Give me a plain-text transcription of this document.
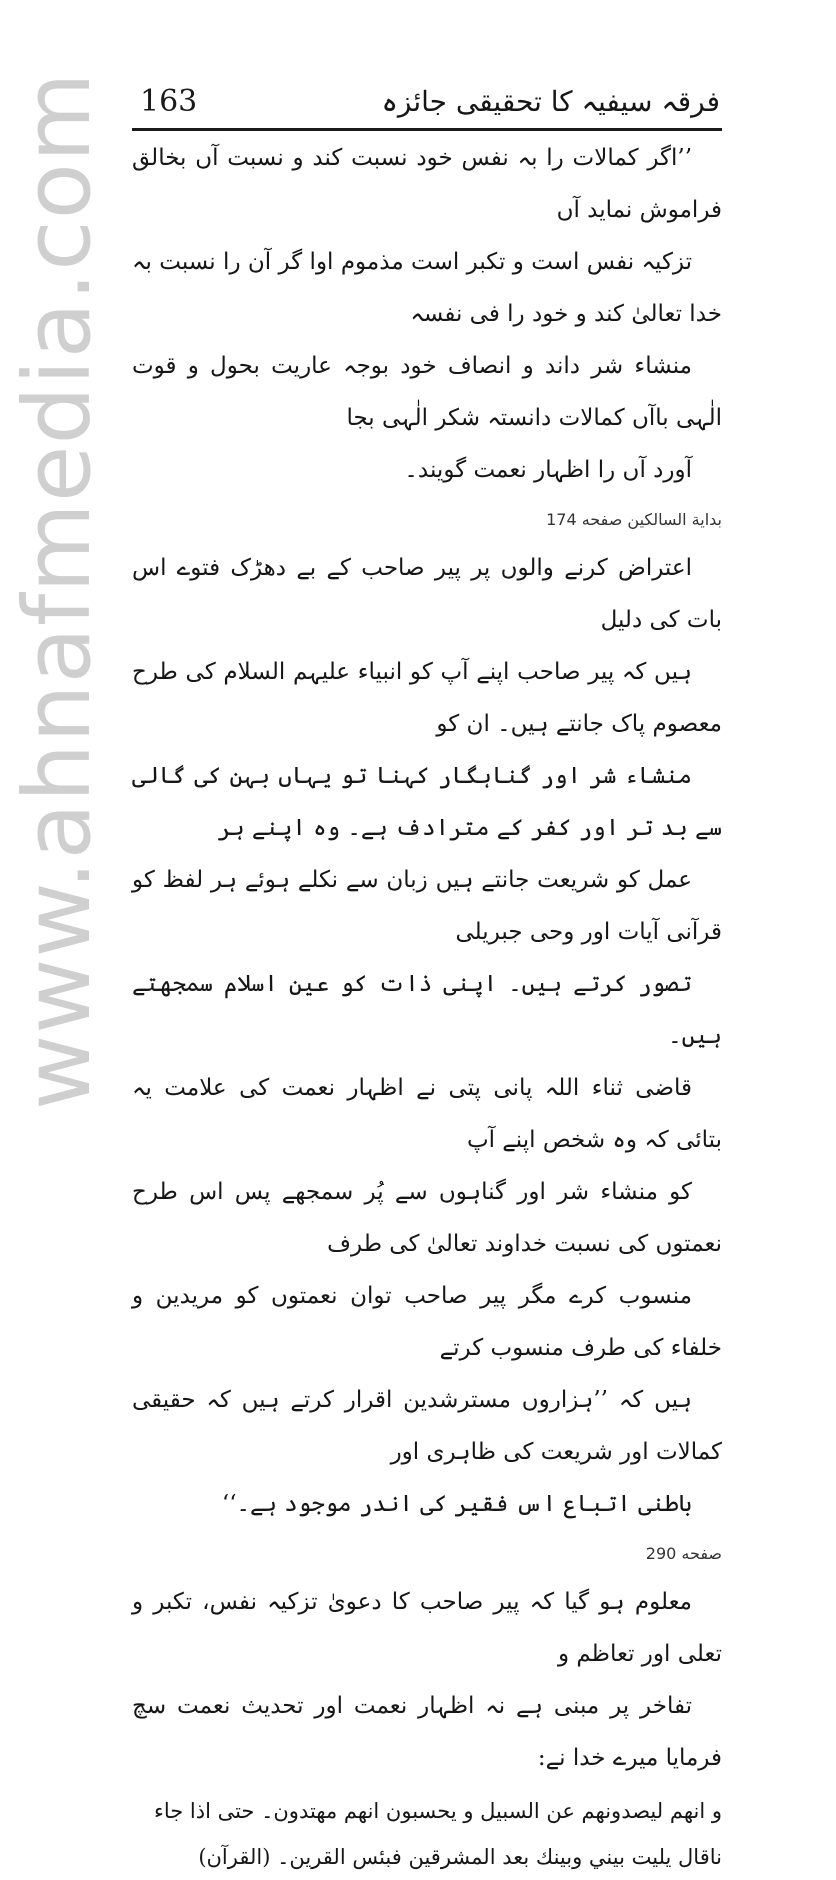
www.ahnafmedia.com 163	فرقہ سیفیہ کا تحقیقی جائزہ
’’اگر کمالات را بہ نفس خود نسبت کند و نسبت آں بخالق فراموش نماید آں
تزکیہ نفس است و تکبر است مذموم اوا گر آن را نسبت بہ خدا تعالیٰ کند و خود را فی نفسہ
منشاء شر داند و انصاف خود بوجہ عاریت بحول و قوت الٰہی باآں کمالات دانستہ شکر الٰہی بجا
آورد آں را اظہار نعمت گویند۔
بداية السالكين صفحه 174
اعتراض کرنے والوں پر پیر صاحب کے بے دھڑک فتوے اس بات کی دلیل
ہیں کہ پیر صاحب اپنے آپ کو انبیاء علیہم السلام کی طرح معصوم پاک جانتے ہیں۔ ان کو
منشاء شر اور گناہگار کہنا تو یہاں بہن کی گالی سے بد تر اور کفر کے مترادف ہے۔ وہ اپنے ہر
عمل کو شریعت جانتے ہیں زبان سے نکلے ہوئے ہر لفظ کو قرآنی آیات اور وحی جبریلی
تصور کرتے ہیں۔ اپنی ذات کو عین اسلام سمجھتے ہیں۔
قاضی ثناء اللہ پانی پتی نے اظہار نعمت کی علامت یہ بتائی کہ وہ شخص اپنے آپ
کو منشاء شر اور گناہوں سے پُر سمجھے پس اس طرح نعمتوں کی نسبت خداوند تعالیٰ کی طرف
منسوب کرے مگر پیر صاحب توان نعمتوں کو مریدین و خلفاء کی طرف منسوب کرتے
ہیں کہ ’’ہزاروں مسترشدین اقرار کرتے ہیں کہ حقیقی کمالات اور شریعت کی ظاہری اور
باطنی اتباع اس فقیر کی اندر موجود ہے۔‘‘
صفحه 290
معلوم ہو گیا کہ پیر صاحب کا دعویٰ تزکیہ نفس، تکبر و تعلی اور تعاظم و
تفاخر پر مبنی ہے نہ اظہار نعمت اور تحدیث نعمت سچ فرمایا میرے خدا نے:
و انهم ليصدونهم عن السبيل و يحسبون انهم مهتدون۔ حتى اذا جاء
ناقال يليت بيني وبينك بعد المشرقين فبئس القرين۔ (القرآن)
